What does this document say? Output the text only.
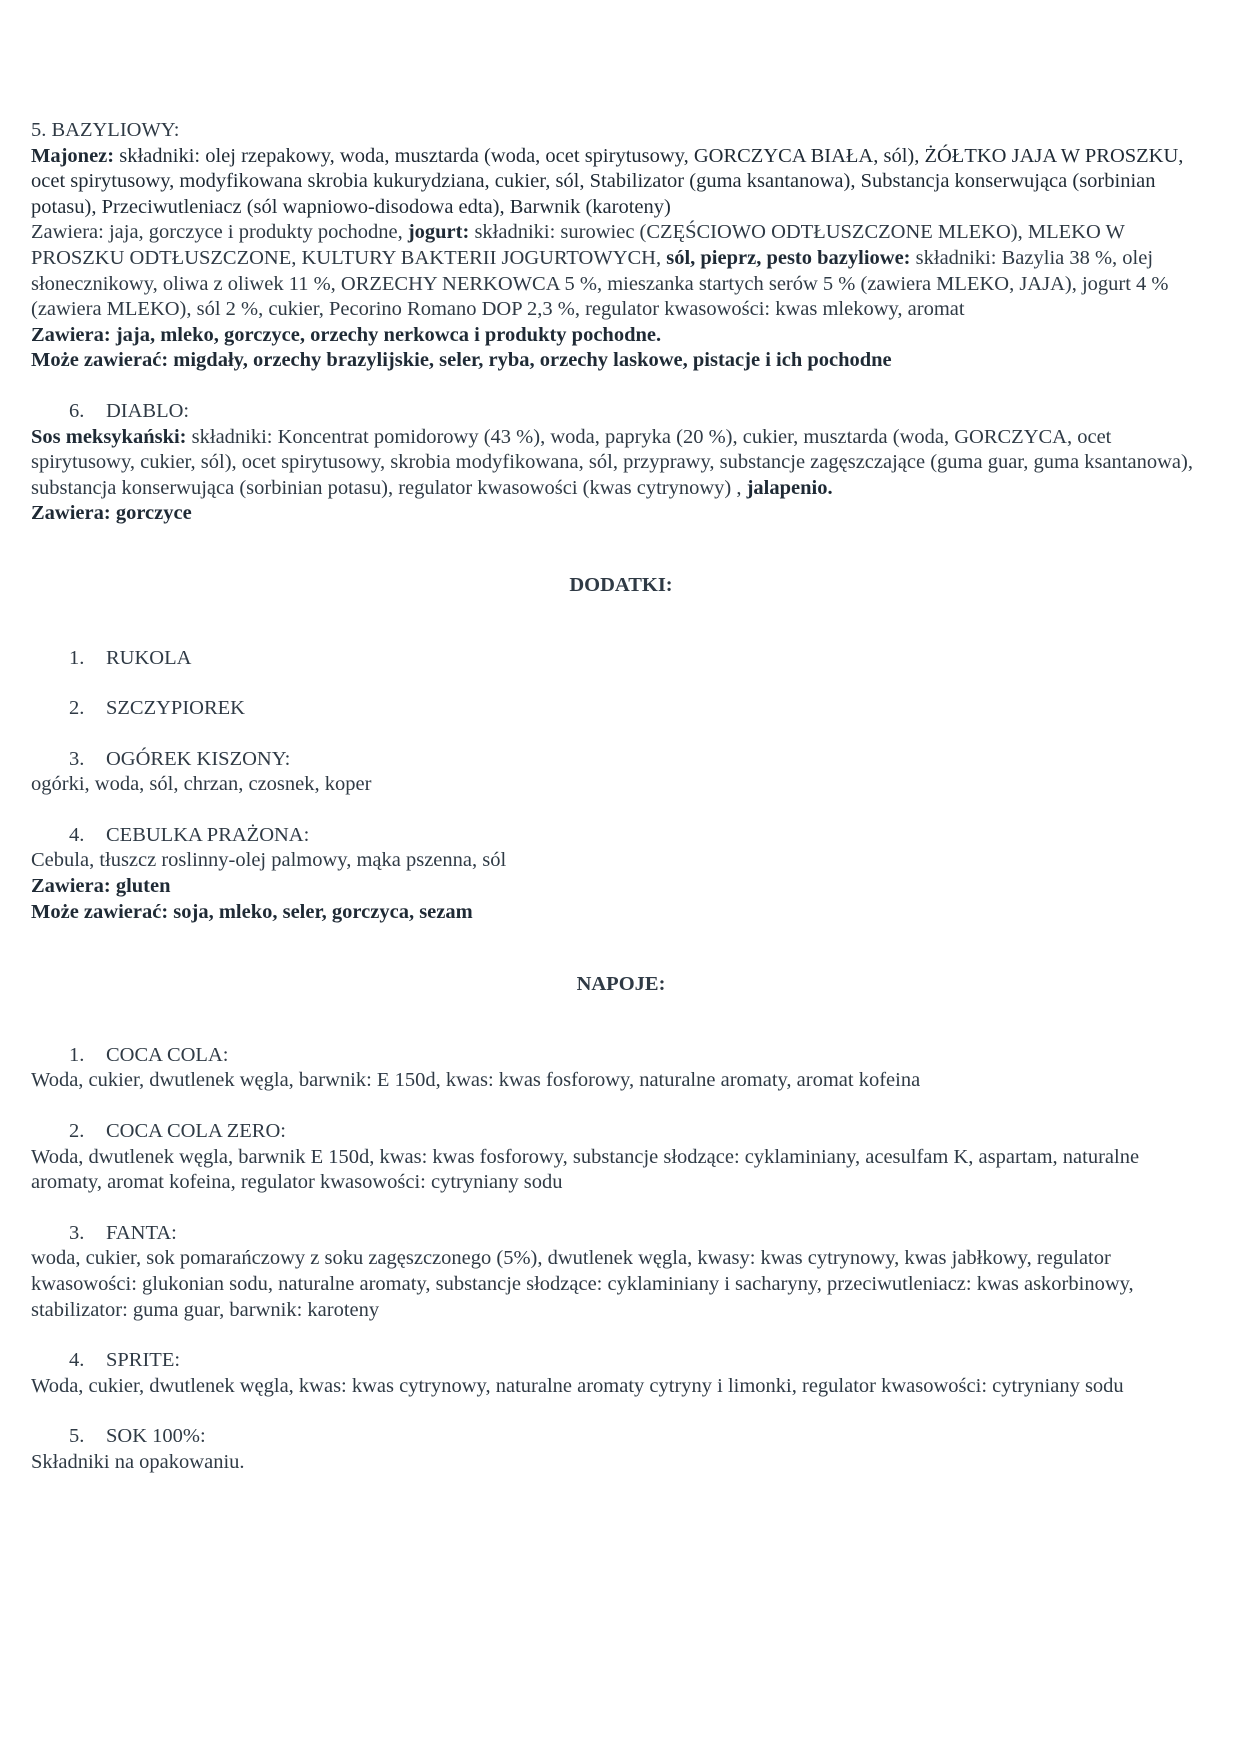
5. BAZYLIOWY:

Majonez: składniki: olej rzepakowy, woda, musztarda (woda, ocet spirytusowy, GORCZYCA BIAŁA, sól), ŻÓŁTKO JAJA W PROSZKU, ocet spirytusowy, modyfikowana skrobia kukurydziana, cukier, sól, Stabilizator (guma ksantanowa), Substancja konserwująca (sorbinian potasu), Przeciwutleniacz (sól wapniowo-disodowa edta), Barwnik (karoteny)

Zawiera: jaja, gorczyce i produkty pochodne, jogurt: składniki: surowiec (CZĘŚCIOWO ODTŁUSZCZONE MLEKO), MLEKO W PROSZKU ODTŁUSZCZONE, KULTURY BAKTERII JOGURTOWYCH, sól, pieprz, pesto bazyliowe: składniki: Bazylia 38 %, olej słonecznikowy, oliwa z oliwek 11 %, ORZECHY NERKOWCA 5 %, mieszanka startych serów 5 % (zawiera MLEKO, JAJA), jogurt 4 % (zawiera MLEKO), sól 2 %, cukier, Pecorino Romano DOP 2,3 %, regulator kwasowości: kwas mlekowy, aromat

Zawiera: jaja, mleko, gorczyce, orzechy nerkowca i produkty pochodne.

Może zawierać: migdały, orzechy brazylijskie, seler, ryba, orzechy laskowe, pistacje i ich pochodne

6. DIABLO:

Sos meksykański: składniki: Koncentrat pomidorowy (43 %), woda, papryka (20 %), cukier, musztarda (woda, GORCZYCA, ocet spirytusowy, cukier, sól), ocet spirytusowy, skrobia modyfikowana, sól, przyprawy, substancje zagęszczające (guma guar, guma ksantanowa), substancja konserwująca (sorbinian potasu), regulator kwasowości (kwas cytrynowy) , jalapenio.

Zawiera: gorczyce

DODATKI:

1. RUKOLA

2. SZCZYPIOREK

3. OGÓREK KISZONY:

ogórki, woda, sól, chrzan, czosnek, koper

4. CEBULKA PRAŻONA:

Cebula, tłuszcz roslinny-olej palmowy, mąka pszenna, sól

Zawiera: gluten

Może zawierać: soja, mleko, seler, gorczyca, sezam

NAPOJE:

1. COCA COLA:

Woda, cukier, dwutlenek węgla, barwnik: E 150d, kwas: kwas fosforowy, naturalne aromaty, aromat kofeina

2. COCA COLA ZERO:

Woda, dwutlenek węgla, barwnik E 150d, kwas: kwas fosforowy, substancje słodzące: cyklaminiany, acesulfam K, aspartam, naturalne aromaty, aromat kofeina, regulator kwasowości: cytryniany sodu

3. FANTA:

woda, cukier, sok pomarańczowy z soku zagęszczonego (5%), dwutlenek węgla, kwasy: kwas cytrynowy, kwas jabłkowy, regulator kwasowości: glukonian sodu, naturalne aromaty, substancje słodzące: cyklaminiany i sacharyny, przeciwutleniacz: kwas askorbinowy, stabilizator: guma guar, barwnik: karoteny

4. SPRITE:

Woda, cukier, dwutlenek węgla, kwas: kwas cytrynowy, naturalne aromaty cytryny i limonki, regulator kwasowości: cytryniany sodu

5. SOK 100%:

Składniki na opakowaniu.
